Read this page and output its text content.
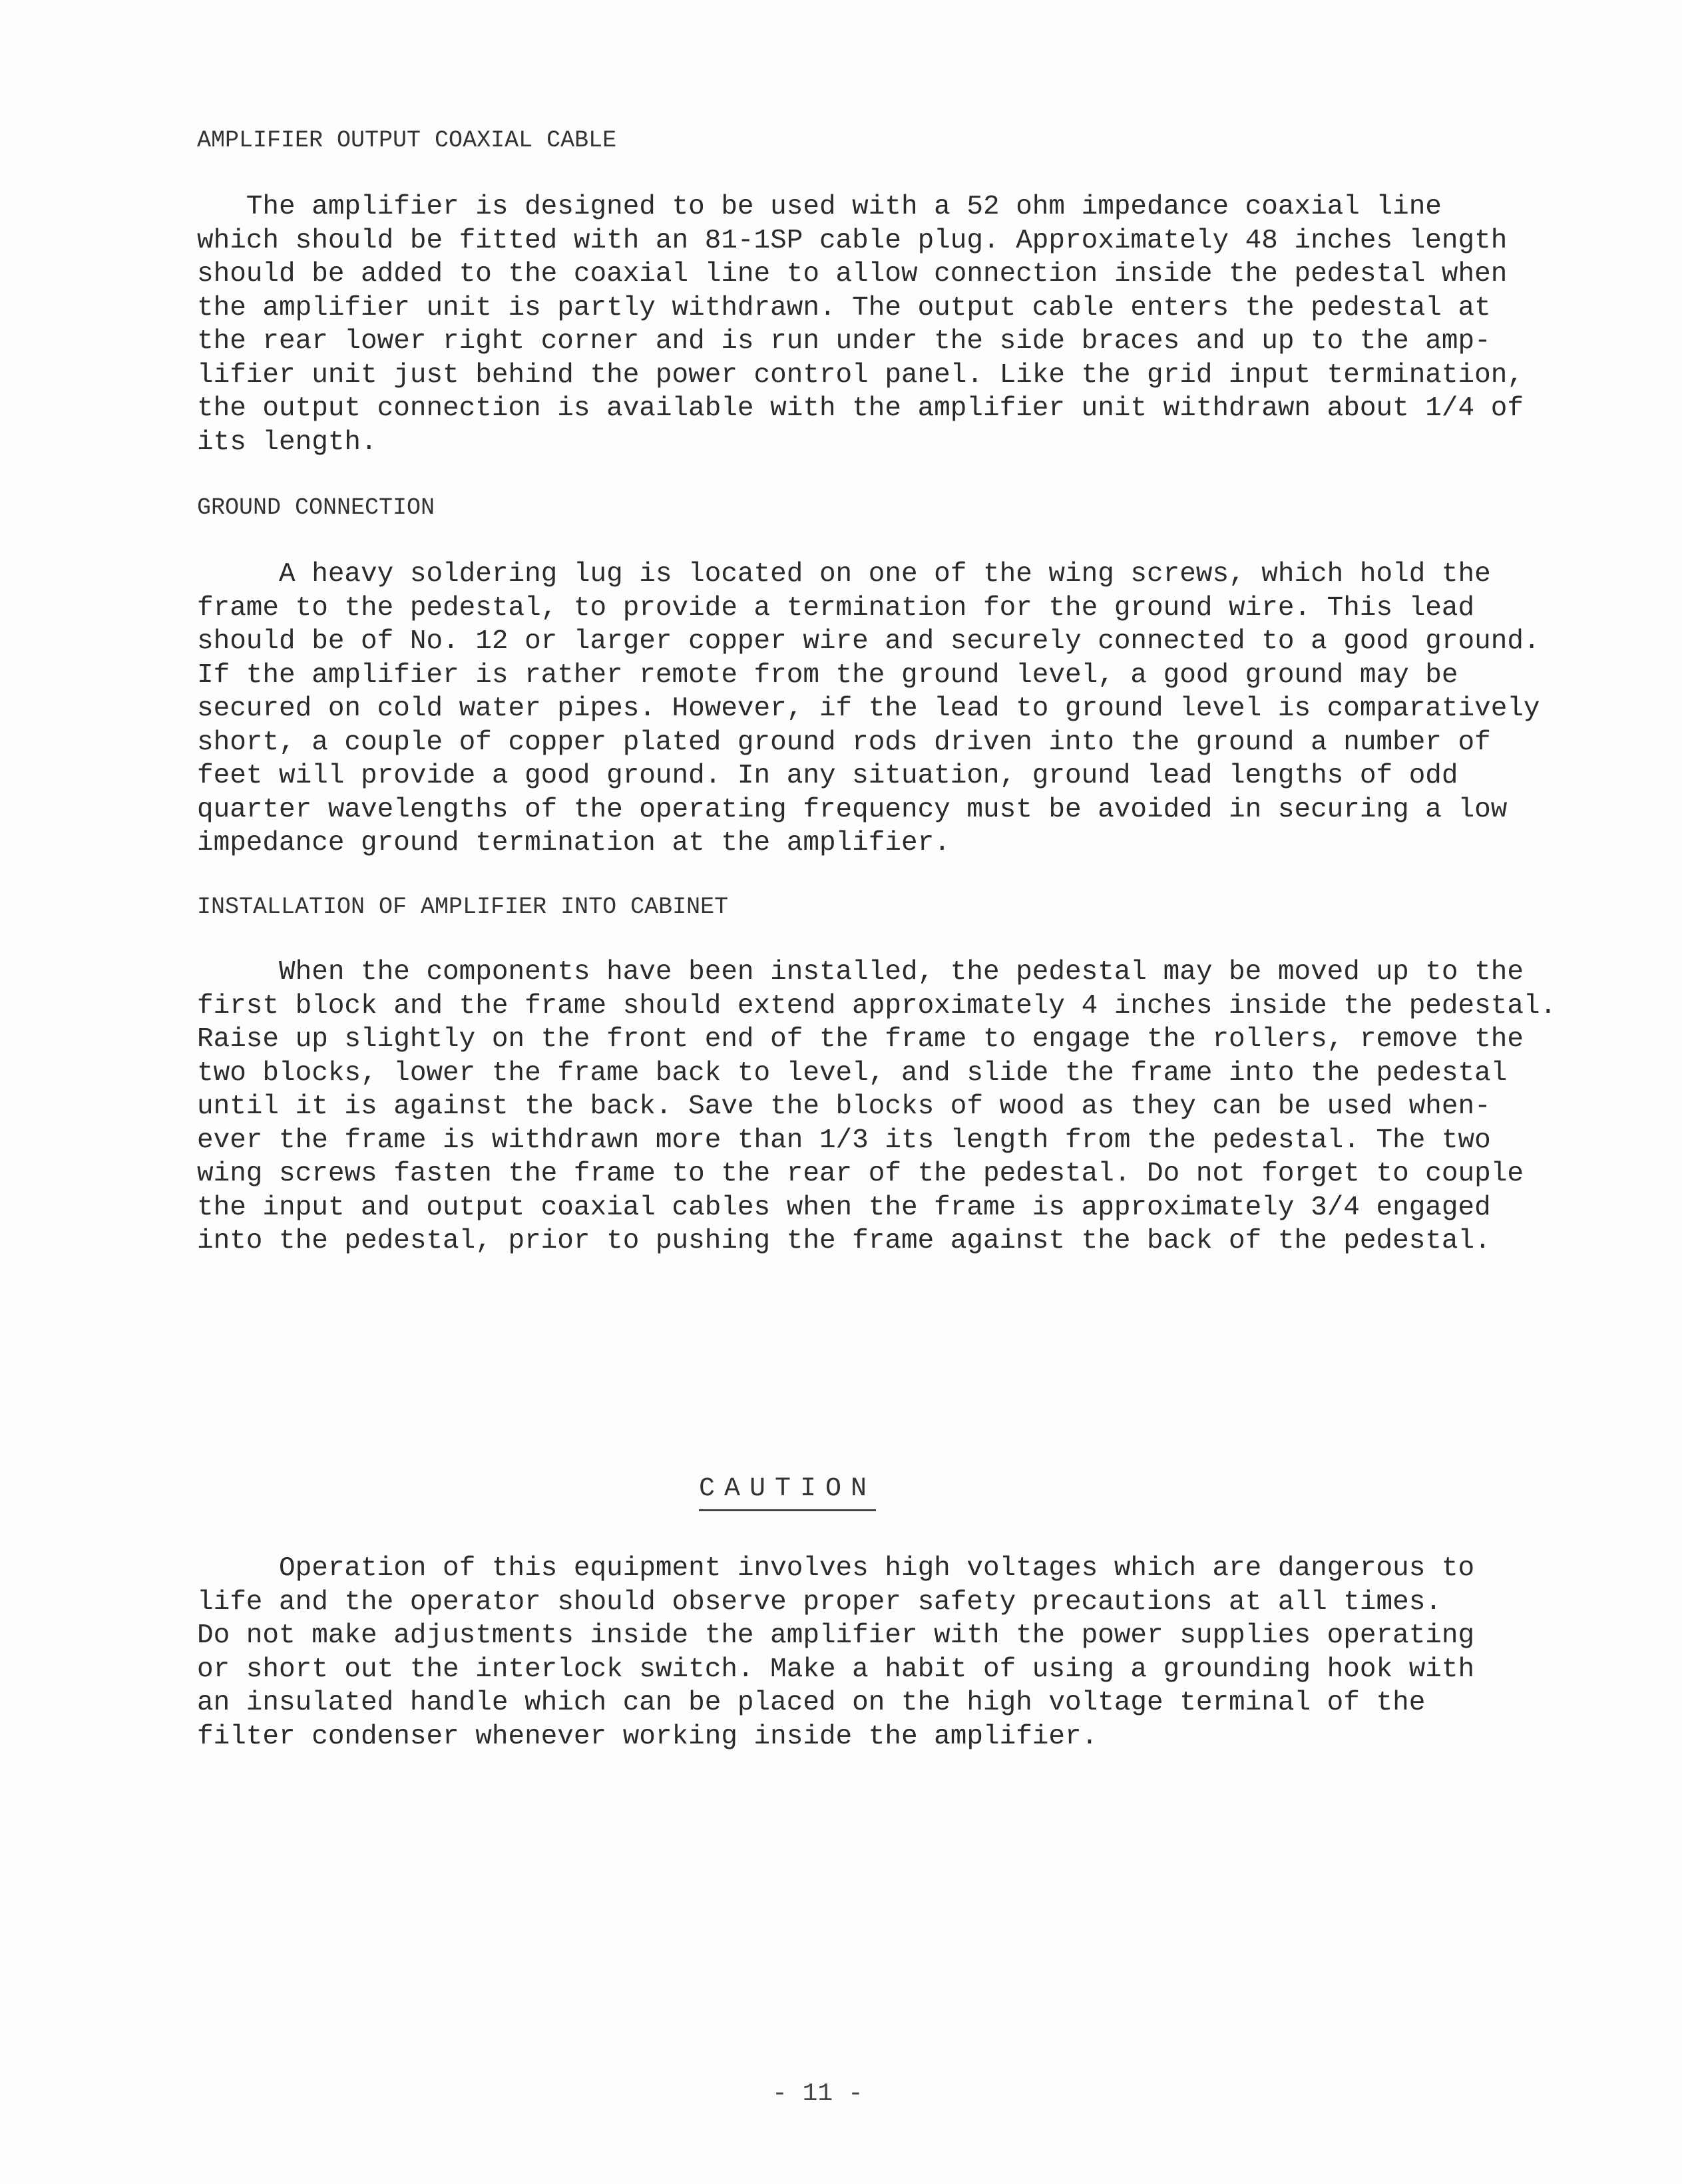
AMPLIFIER OUTPUT COAXIAL CABLE
The amplifier is designed to be used with a 52 ohm impedance coaxial line
which should be fitted with an 81-1SP cable plug. Approximately 48 inches length
should be added to the coaxial line to allow connection inside the pedestal when
the amplifier unit is partly withdrawn. The output cable enters the pedestal at
the rear lower right corner and is run under the side braces and up to the amp-
lifier unit just behind the power control panel. Like the grid input termination,
the output connection is available with the amplifier unit withdrawn about 1/4 of
its length.
GROUND CONNECTION
A heavy soldering lug is located on one of the wing screws, which hold the
frame to the pedestal, to provide a termination for the ground wire. This lead
should be of No. 12 or larger copper wire and securely connected to a good ground.
If the amplifier is rather remote from the ground level, a good ground may be
secured on cold water pipes. However, if the lead to ground level is comparatively
short, a couple of copper plated ground rods driven into the ground a number of
feet will provide a good ground. In any situation, ground lead lengths of odd
quarter wavelengths of the operating frequency must be avoided in securing a low
impedance ground termination at the amplifier.
INSTALLATION OF AMPLIFIER INTO CABINET
When the components have been installed, the pedestal may be moved up to the
first block and the frame should extend approximately 4 inches inside the pedestal.
Raise up slightly on the front end of the frame to engage the rollers, remove the
two blocks, lower the frame back to level, and slide the frame into the pedestal
until it is against the back. Save the blocks of wood as they can be used when-
ever the frame is withdrawn more than 1/3 its length from the pedestal. The two
wing screws fasten the frame to the rear of the pedestal. Do not forget to couple
the input and output coaxial cables when the frame is approximately 3/4 engaged
into the pedestal, prior to pushing the frame against the back of the pedestal.
CAUTION
Operation of this equipment involves high voltages which are dangerous to
life and the operator should observe proper safety precautions at all times.
Do not make adjustments inside the amplifier with the power supplies operating
or short out the interlock switch. Make a habit of using a grounding hook with
an insulated handle which can be placed on the high voltage terminal of the
filter condenser whenever working inside the amplifier.
- 11 -
